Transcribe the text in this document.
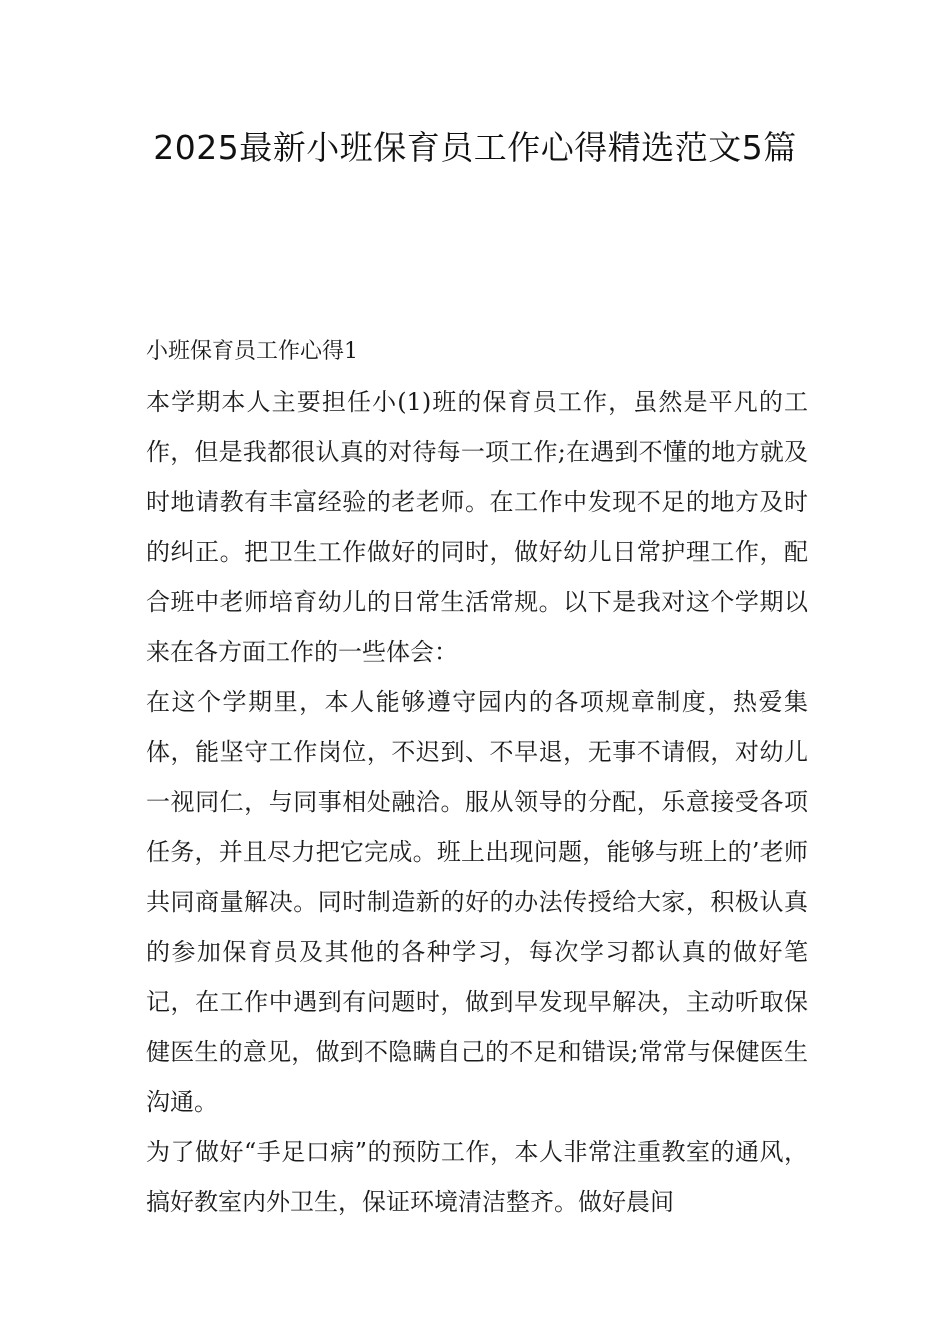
2025最新小班保育员工作心得精选范文5篇

小班保育员工作心得1

本学期本人主要担任小(1)班的保育员工作，虽然是平凡的工作，但是我都很认真的对待每一项工作;在遇到不懂的地方就及时地请教有丰富经验的老老师。在工作中发现不足的地方及时的纠正。把卫生工作做好的同时，做好幼儿日常护理工作，配合班中老师培育幼儿的日常生活常规。以下是我对这个学期以来在各方面工作的一些体会：

在这个学期里，本人能够遵守园内的各项规章制度，热爱集体，能坚守工作岗位，不迟到、不早退，无事不请假，对幼儿一视同仁，与同事相处融洽。服从领导的分配，乐意接受各项任务，并且尽力把它完成。班上出现问题，能够与班上的’老师共同商量解决。同时制造新的好的办法传授给大家，积极认真的参加保育员及其他的各种学习，每次学习都认真的做好笔记，在工作中遇到有问题时，做到早发现早解决，主动听取保健医生的意见，做到不隐瞒自己的不足和错误;常常与保健医生沟通。

为了做好“手足口病”的预防工作，本人非常注重教室的通风，搞好教室内外卫生，保证环境清洁整齐。做好晨间
